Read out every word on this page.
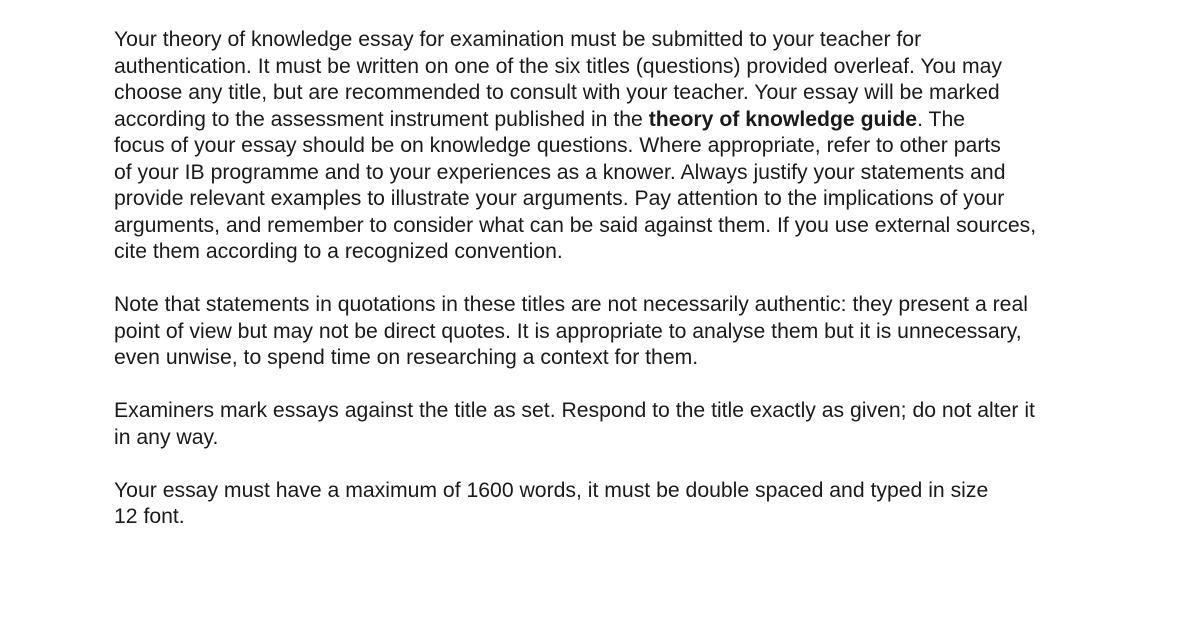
Your theory of knowledge essay for examination must be submitted to your teacher for
authentication. It must be written on one of the six titles (questions) provided overleaf. You may
choose any title, but are recommended to consult with your teacher. Your essay will be marked
according to the assessment instrument published in the theory of knowledge guide. The
focus of your essay should be on knowledge questions. Where appropriate, refer to other parts
of your IB programme and to your experiences as a knower. Always justify your statements and
provide relevant examples to illustrate your arguments. Pay attention to the implications of your
arguments, and remember to consider what can be said against them. If you use external sources,
cite them according to a recognized convention.

Note that statements in quotations in these titles are not necessarily authentic: they present a real
point of view but may not be direct quotes. It is appropriate to analyse them but it is unnecessary,
even unwise, to spend time on researching a context for them.

Examiners mark essays against the title as set. Respond to the title exactly as given; do not alter it
in any way.

Your essay must have a maximum of 1600 words, it must be double spaced and typed in size
12 font.
